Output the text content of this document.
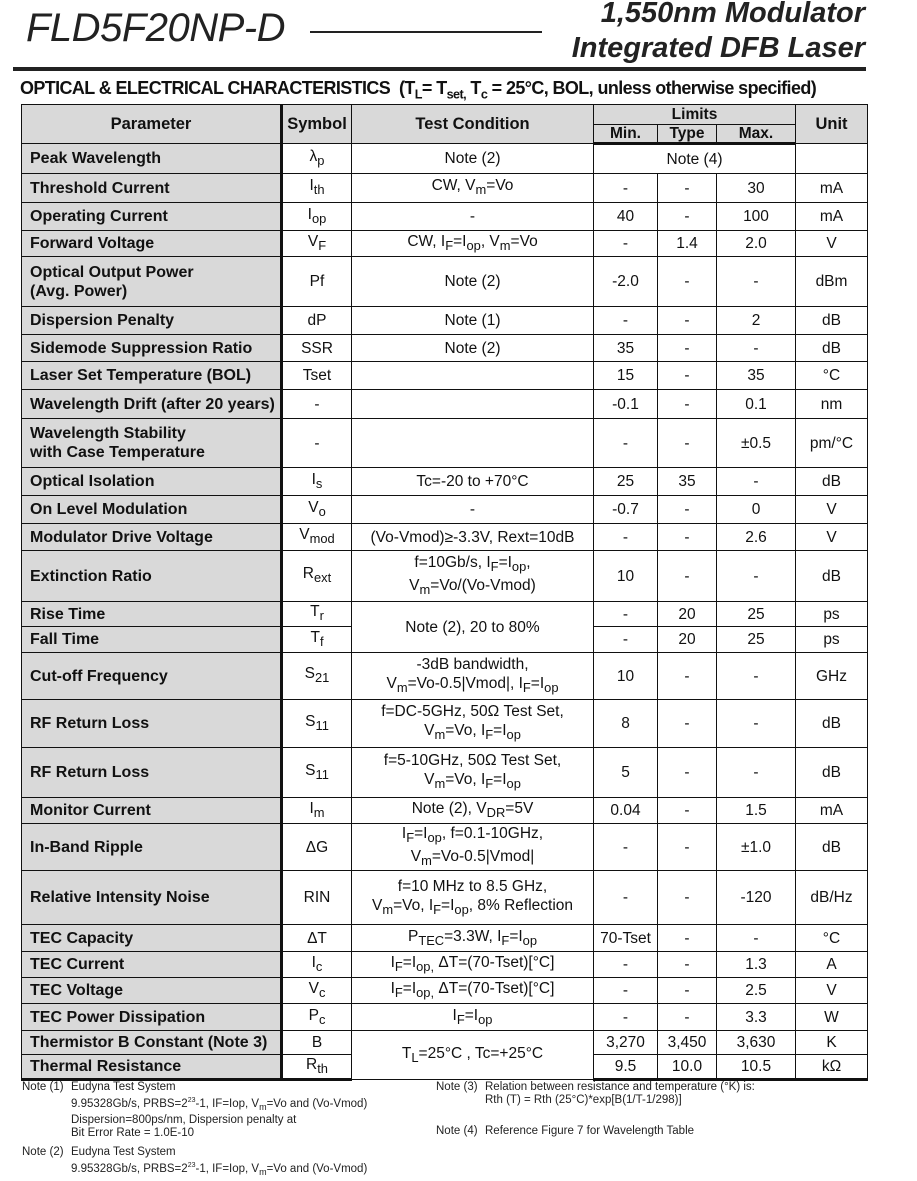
FLD5F20NP-D	1,550nm Modulator
Integrated DFB Laser
OPTICAL & ELECTRICAL CHARACTERISTICS  ($T_L= T_{set,}$ $T_c = 25^\circ C$, BOL, unless otherwise specified)
Parameter	Symbol	Test Condition	Limits			Unit
			Min.	Type	Max.	
Peak Wavelength	$\lambda_p$	Note (2)	Note (4)			
Threshold Current	$I_{th}$	CW, $V_m=Vo$	-	-	30	mA
Operating Current	$I_{op}$	-	40	-	100	mA
Forward Voltage	$V_F$	CW, $I_F=I_{op}$, $V_m=Vo$	-	1.4	2.0	V
Optical Output Power
(Avg. Power)	Pf	Note (2)	-2.0	-	-	dBm
Dispersion Penalty	dP	Note (1)	-	-	2	dB
Sidemode Suppression Ratio	SSR	Note (2)	35	-	-	dB
Laser Set Temperature (BOL)	Tset		15	-	35	°C
Wavelength Drift (after 20 years)	-		-0.1	-	0.1	nm
Wavelength Stability
with Case Temperature	-		-	-	±0.5	pm/°C
Optical Isolation	$I_s$	Tc=-20 to +70°C	25	35	-	dB
On Level Modulation	$V_o$	-	-0.7	-	0	V
Modulator Drive Voltage	$V_{mod}$	(Vo-Vmod)≥-3.3V, Rext=10dB	-	-	2.6	V
Extinction Ratio	$R_{ext}$	f=10Gb/s, $I_F=I_{op}$,
$V_m=Vo/(Vo-Vmod)$	10	-	-	dB
Rise Time	$T_r$	Note (2), 20 to 80%	-	20	25	ps
Fall Time	$T_f$		-	20	25	ps
Cut-off Frequency	$S_{21}$	-3dB bandwidth,
$V_m=Vo-0.5|Vmod|$, $I_F=I_{op}$	10	-	-	GHz
RF Return Loss	$S_{11}$	f=DC-5GHz, 50Ω Test Set,
$V_m=Vo$, $I_F=I_{op}$	8	-	-	dB
RF Return Loss	$S_{11}$	f=5-10GHz, 50Ω Test Set,
$V_m=Vo$, $I_F=I_{op}$	5	-	-	dB
Monitor Current	$I_m$	Note (2), $V_{DR}=5V$	0.04	-	1.5	mA
In-Band Ripple	ΔG	$I_F=I_{op}$, f=0.1-10GHz,
$V_m=Vo-0.5|Vmod|$	-	-	±1.0	dB
Relative Intensity Noise	RIN	f=10 MHz to 8.5 GHz,
$V_m=Vo$, $I_F=I_{op}$, 8% Reflection	-	-	-120	dB/Hz
TEC Capacity	ΔT	$P_{TEC}=3.3W$, $I_F=I_{op}$	70-Tset	-	-	°C
TEC Current	$I_c$	$I_F=I_{op,}$ ΔT=(70-Tset)[°C]	-	-	1.3	A
TEC Voltage	$V_c$	$I_F=I_{op,}$ ΔT=(70-Tset)[°C]	-	-	2.5	V
TEC Power Dissipation	$P_c$	$I_F=I_{op}$	-	-	3.3	W
Thermistor B Constant (Note 3)	B	$T_L=25^\circ C$ , Tc=+25°C	3,270	3,450	3,630	K
Thermal Resistance	$R_{th}$		9.5	10.0	10.5	kΩ
Note (1) Eudyna Test System
9.95328Gb/s, $PRBS=2^{23}-1$, IF=Iop, $V_m=Vo$ and (Vo-Vmod)
Dispersion=800ps/nm, Dispersion penalty at
Bit Error Rate = 1.0E-10
Note (2) Eudyna Test System
9.95328Gb/s, $PRBS=2^{23}-1$, IF=Iop, $V_m=Vo$ and (Vo-Vmod)
Note (3) Relation between resistance and temperature (°K) is:
Rth (T) = Rth (25°C)*exp[B(1/T-1/298)]
Note (4) Reference Figure 7 for Wavelength Table
